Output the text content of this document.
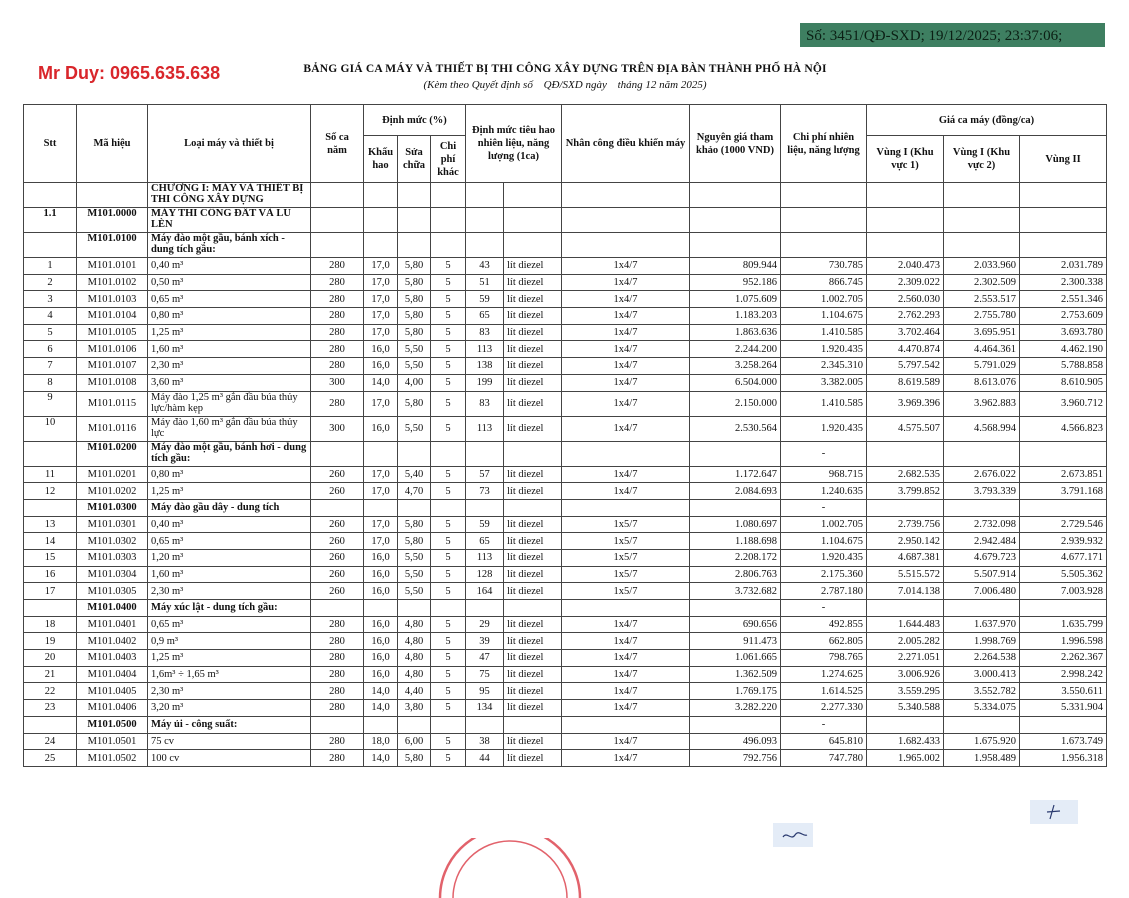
Số: 3451/QĐ-SXD; 19/12/2025; 23:37:06;
Mr Duy: 0965.635.638	BẢNG GIÁ CA MÁY VÀ THIẾT BỊ THI CÔNG XÂY DỰNG TRÊN ĐỊA BÀN THÀNH PHỐ HÀ NỘI
(Kèm theo Quyết định số QĐ/SXD ngày tháng 12 năm 2025)
Stt	Mã hiệu	Loại máy và thiết bị	Số ca năm	Định mức (%)			Định mức tiêu hao nhiên liệu, năng lượng (1ca)		Nhân công điều khiển máy	Nguyên giá tham khảo (1000 VND)	Chi phí nhiên liệu, năng lượng	Giá ca máy (đồng/ca)		
				Khấu hao	Sửa chữa	Chi phí khác						Vùng I (Khu vực 1)	Vùng I (Khu vực 2)	Vùng II
		CHƯƠNG I: MÁY VÀ THIẾT BỊ THI CÔNG XÂY DỰNG												
1.1	M101.0000	MÁY THI CÔNG ĐẤT VÀ LU LÈN												
	M101.0100	Máy đào một gầu, bánh xích - dung tích gầu:												
1	M101.0101	0,40 m³	280	17,0	5,80	5	43	lít diezel	1x4/7	809.944	730.785	2.040.473	2.033.960	2.031.789
2	M101.0102	0,50 m³	280	17,0	5,80	5	51	lít diezel	1x4/7	952.186	866.745	2.309.022	2.302.509	2.300.338
3	M101.0103	0,65 m³	280	17,0	5,80	5	59	lít diezel	1x4/7	1.075.609	1.002.705	2.560.030	2.553.517	2.551.346
4	M101.0104	0,80 m³	280	17,0	5,80	5	65	lít diezel	1x4/7	1.183.203	1.104.675	2.762.293	2.755.780	2.753.609
5	M101.0105	1,25 m³	280	17,0	5,80	5	83	lít diezel	1x4/7	1.863.636	1.410.585	3.702.464	3.695.951	3.693.780
6	M101.0106	1,60 m³	280	16,0	5,50	5	113	lít diezel	1x4/7	2.244.200	1.920.435	4.470.874	4.464.361	4.462.190
7	M101.0107	2,30 m³	280	16,0	5,50	5	138	lít diezel	1x4/7	3.258.264	2.345.310	5.797.542	5.791.029	5.788.858
8	M101.0108	3,60 m³	300	14,0	4,00	5	199	lít diezel	1x4/7	6.504.000	3.382.005	8.619.589	8.613.076	8.610.905
9	M101.0115	Máy đào 1,25 m³ gắn đầu búa thủy lực/hàm kẹp	280	17,0	5,80	5	83	lít diezel	1x4/7	2.150.000	1.410.585	3.969.396	3.962.883	3.960.712
10	M101.0116	Máy đào 1,60 m³ gắn đầu búa thủy lực	300	16,0	5,50	5	113	lít diezel	1x4/7	2.530.564	1.920.435	4.575.507	4.568.994	4.566.823
	M101.0200	Máy đào một gầu, bánh hơi - dung tích gầu:									-			
11	M101.0201	0,80 m³	260	17,0	5,40	5	57	lít diezel	1x4/7	1.172.647	968.715	2.682.535	2.676.022	2.673.851
12	M101.0202	1,25 m³	260	17,0	4,70	5	73	lít diezel	1x4/7	2.084.693	1.240.635	3.799.852	3.793.339	3.791.168
	M101.0300	Máy đào gầu dây - dung tích									-			
13	M101.0301	0,40 m³	260	17,0	5,80	5	59	lít diezel	1x5/7	1.080.697	1.002.705	2.739.756	2.732.098	2.729.546
14	M101.0302	0,65 m³	260	17,0	5,80	5	65	lít diezel	1x5/7	1.188.698	1.104.675	2.950.142	2.942.484	2.939.932
15	M101.0303	1,20 m³	260	16,0	5,50	5	113	lít diezel	1x5/7	2.208.172	1.920.435	4.687.381	4.679.723	4.677.171
16	M101.0304	1,60 m³	260	16,0	5,50	5	128	lít diezel	1x5/7	2.806.763	2.175.360	5.515.572	5.507.914	5.505.362
17	M101.0305	2,30 m³	260	16,0	5,50	5	164	lít diezel	1x5/7	3.732.682	2.787.180	7.014.138	7.006.480	7.003.928
	M101.0400	Máy xúc lật - dung tích gầu:									-			
18	M101.0401	0,65 m³	280	16,0	4,80	5	29	lít diezel	1x4/7	690.656	492.855	1.644.483	1.637.970	1.635.799
19	M101.0402	0,9 m³	280	16,0	4,80	5	39	lít diezel	1x4/7	911.473	662.805	2.005.282	1.998.769	1.996.598
20	M101.0403	1,25 m³	280	16,0	4,80	5	47	lít diezel	1x4/7	1.061.665	798.765	2.271.051	2.264.538	2.262.367
21	M101.0404	1,6m³ ÷ 1,65 m³	280	16,0	4,80	5	75	lít diezel	1x4/7	1.362.509	1.274.625	3.006.926	3.000.413	2.998.242
22	M101.0405	2,30 m³	280	14,0	4,40	5	95	lít diezel	1x4/7	1.769.175	1.614.525	3.559.295	3.552.782	3.550.611
23	M101.0406	3,20 m³	280	14,0	3,80	5	134	lít diezel	1x4/7	3.282.220	2.277.330	5.340.588	5.334.075	5.331.904
	M101.0500	Máy ủi - công suất:									-			
24	M101.0501	75 cv	280	18,0	6,00	5	38	lít diezel	1x4/7	496.093	645.810	1.682.433	1.675.920	1.673.749
25	M101.0502	100 cv	280	14,0	5,80	5	44	lít diezel	1x4/7	792.756	747.780	1.965.002	1.958.489	1.956.318
